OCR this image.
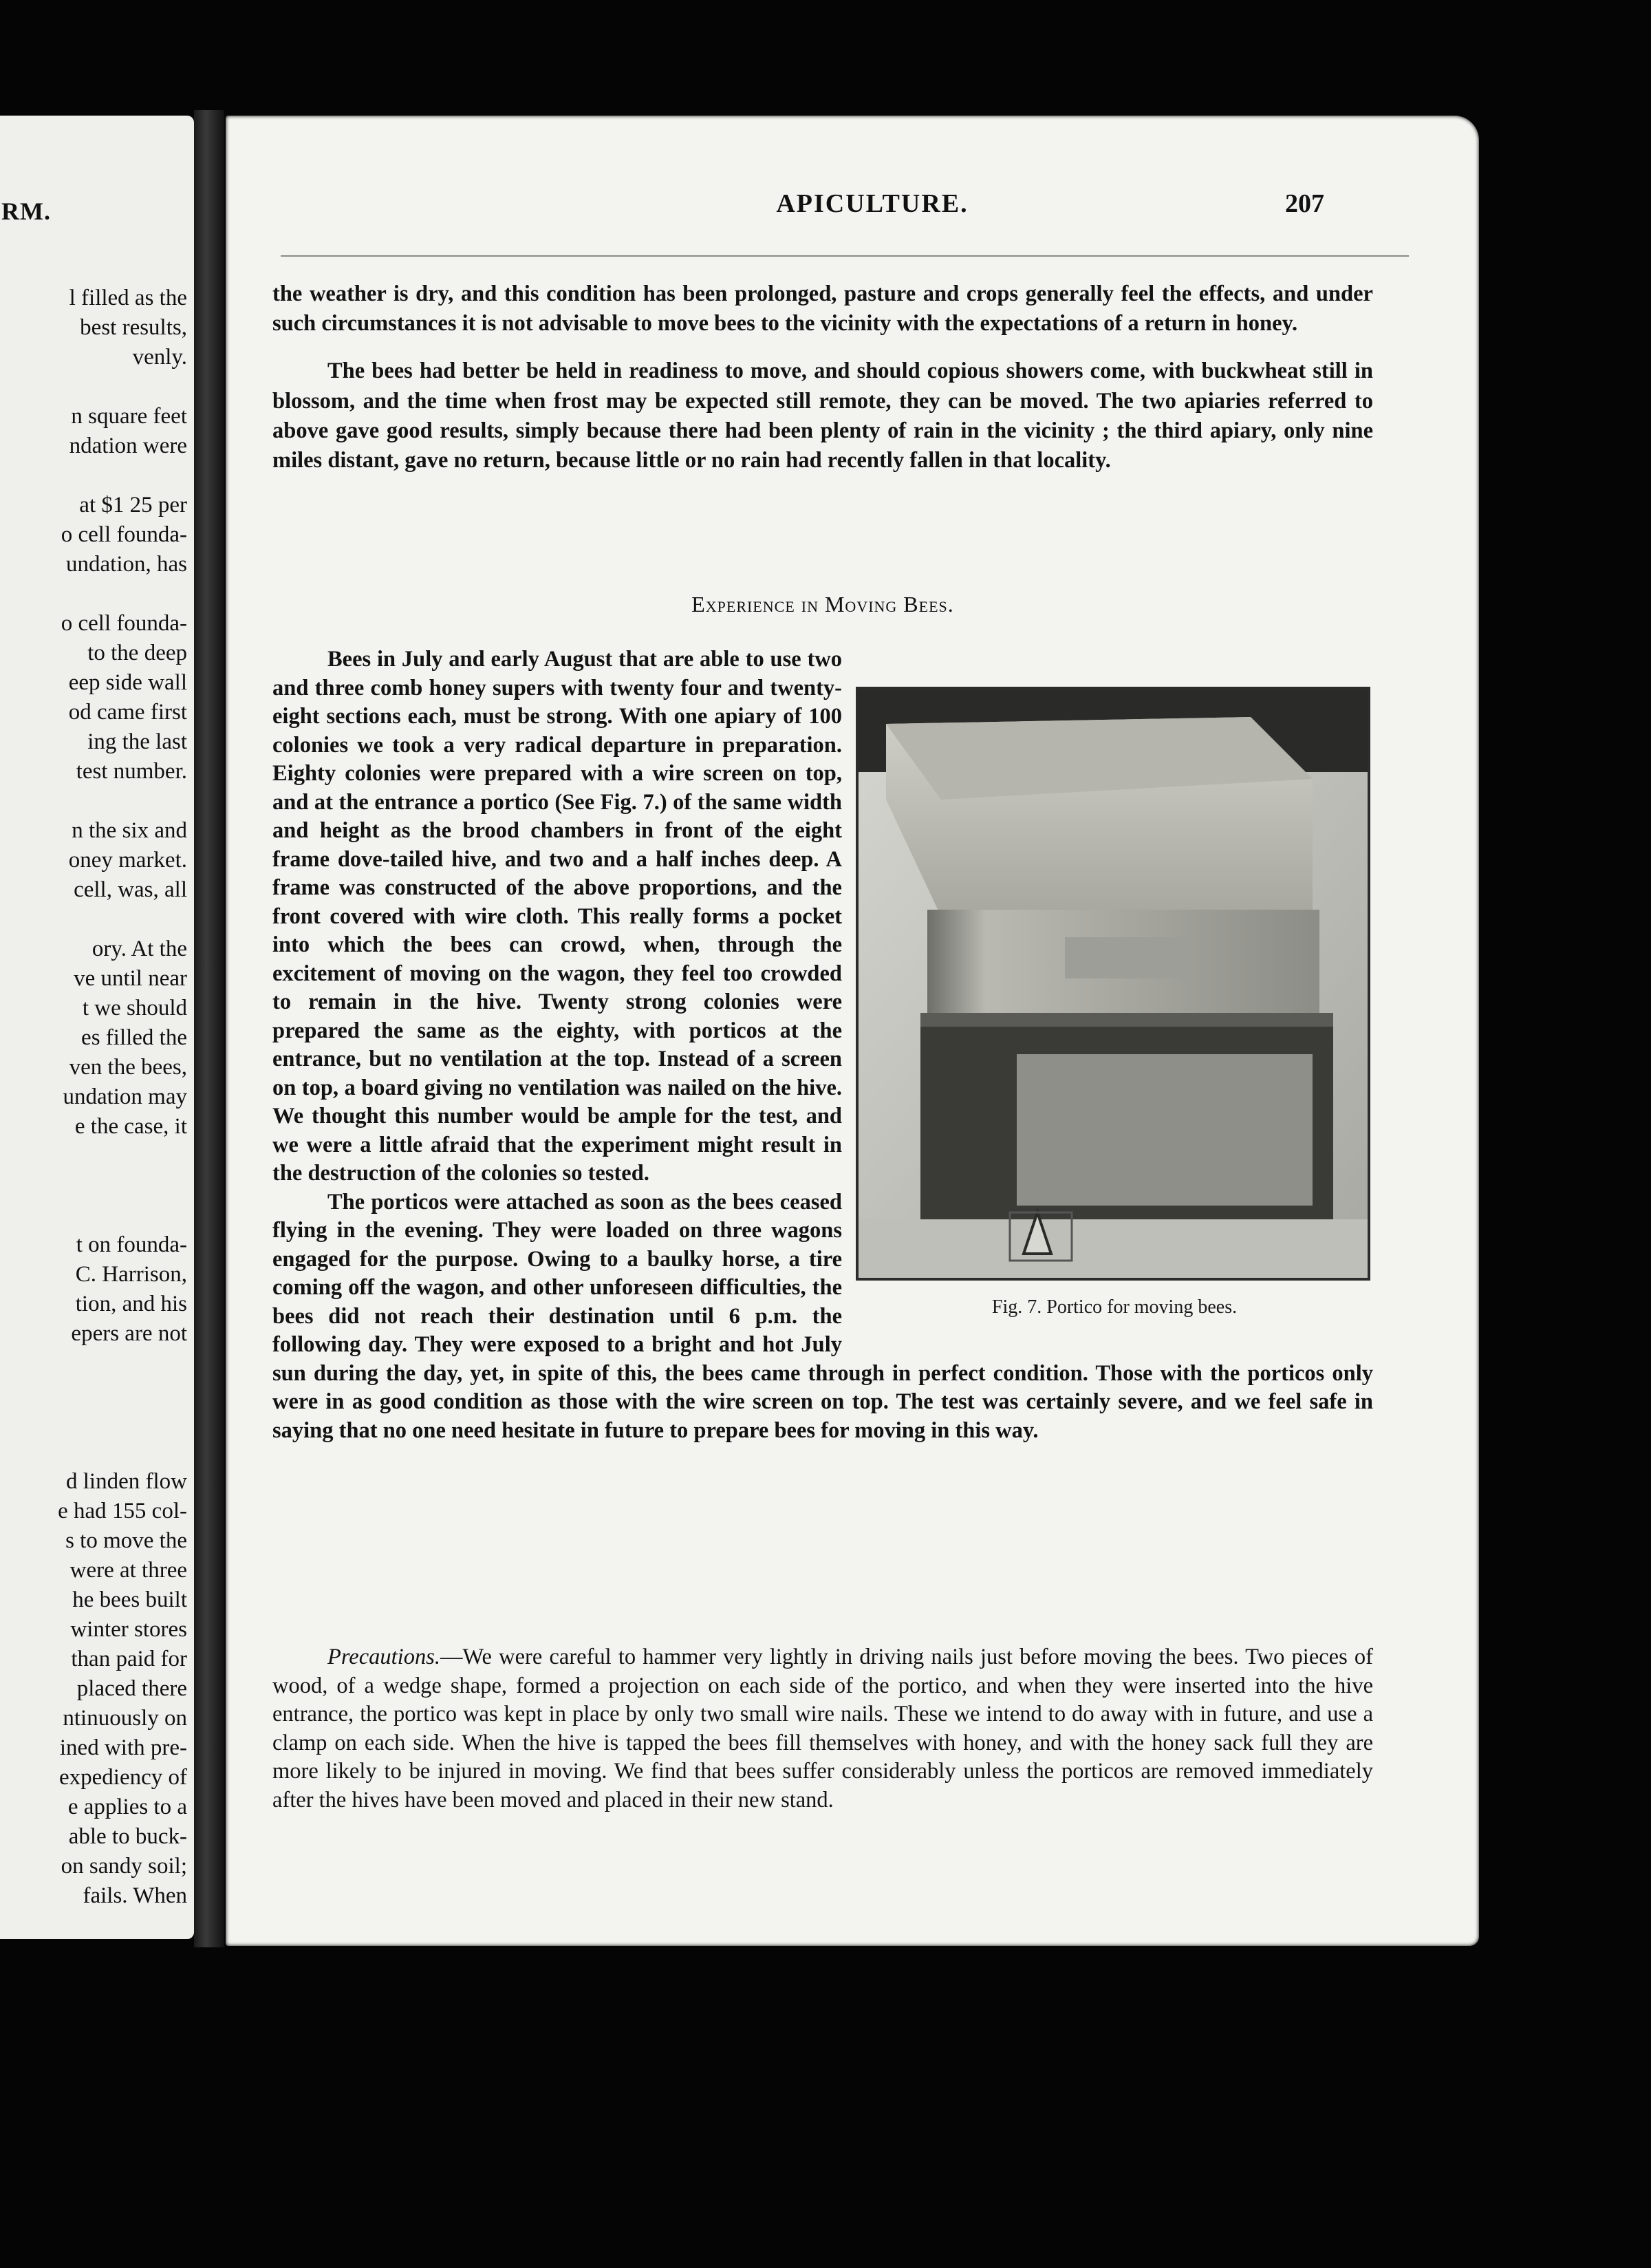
RM.
l filled as the
best results,
venly.
n square feet
ndation were
at $1 25 per
o cell founda-
undation, has
o cell founda-
to the deep
eep side wall
od came first
ing the last
test number.
n the six and
oney market.
cell, was, all
ory. At the
ve until near
t we should
es filled the
ven the bees,
undation may
e the case, it
t on founda-
C. Harrison,
tion, and his
epers are not
d linden flow
e had 155 col-
s to move the
were at three
he bees built
winter stores
than paid for
placed there
ntinuously on
ined with pre-
expediency of
e applies to a
able to buck-
on sandy soil;
fails. When
APICULTURE.	207

the weather is dry, and this condition has been prolonged, pasture and crops generally feel the effects, and under such circumstances it is not advisable to move bees to the vicinity with the expectations of a return in honey.

The bees had better be held in readiness to move, and should copious showers come, with buckwheat still in blossom, and the time when frost may be expected still remote, they can be moved. The two apiaries referred to above gave good results, simply because there had been plenty of rain in the vicinity ; the third apiary, only nine miles distant, gave no return, because little or no rain had recently fallen in that locality.

Experience in Moving Bees.
Fig. 7. Portico for moving bees.

Bees in July and early August that are able to use two and three comb honey supers with twenty four and twenty-eight sections each, must be strong. With one apiary of 100 colonies we took a very radical departure in preparation. Eighty colonies were prepared with a wire screen on top, and at the entrance a portico (See Fig. 7.) of the same width and height as the brood chambers in front of the eight frame dove-tailed hive, and two and a half inches deep. A frame was constructed of the above proportions, and the front covered with wire cloth. This really forms a pocket into which the bees can crowd, when, through the excitement of moving on the wagon, they feel too crowded to remain in the hive. Twenty strong colonies were prepared the same as the eighty, with porticos at the entrance, but no ventilation at the top. Instead of a screen on top, a board giving no ventilation was nailed on the hive. We thought this number would be ample for the test, and we were a little afraid that the experiment might result in the destruction of the colonies so tested.

The porticos were attached as soon as the bees ceased flying in the evening. They were loaded on three wagons engaged for the purpose. Owing to a baulky horse, a tire coming off the wagon, and other unforeseen difficulties, the bees did not reach their destination until 6 p.m. the following day. They were exposed to a bright and hot July sun during the day, yet, in spite of this, the bees came through in perfect condition. Those with the porticos only were in as good condition as those with the wire screen on top. The test was certainly severe, and we feel safe in saying that no one need hesitate in future to prepare bees for moving in this way.

Precautions.—We were careful to hammer very lightly in driving nails just before moving the bees. Two pieces of wood, of a wedge shape, formed a projection on each side of the portico, and when they were inserted into the hive entrance, the portico was kept in place by only two small wire nails. These we intend to do away with in future, and use a clamp on each side. When the hive is tapped the bees fill themselves with honey, and with the honey sack full they are more likely to be injured in moving. We find that bees suffer considerably unless the porticos are removed immediately after the hives have been moved and placed in their new stand.
